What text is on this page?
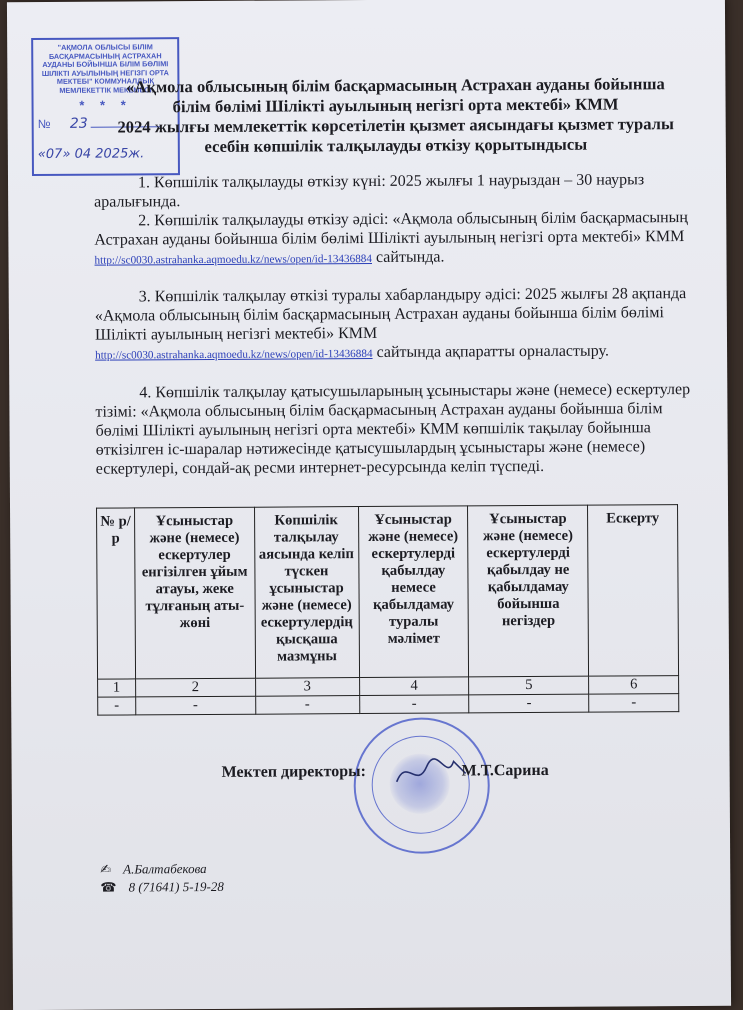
"АҚМОЛА ОБЛЫСЫ БІЛІМ БАСҚАРМАСЫНЫҢ АСТРАХАН АУДАНЫ БОЙЫНША БІЛІМ БӨЛІМІ ШІЛІКТІ АУЫЛЫНЫҢ НЕГІЗГІ ОРТА МЕКТЕБІ" КОММУНАЛДЫҚ МЕМЛЕКЕТТІК МЕКЕМЕСІ
* * *
№ 23
«07» 04 2025ж.
«Ақмола облысының білім басқармасының Астрахан ауданы бойынша
білім бөлімі Шілікті ауылының негізгі орта мектебі» КММ
2024 жылғы мемлекеттік көрсетілетін қызмет аясындағы қызмет туралы
есебін көпшілік талқылауды өткізу қорытындысы

1. Көпшілік талқылауды өткізу күні: 2025 жылғы 1 наурыздан – 30 наурыз аралығында.

2. Көпшілік талқылауды өткізу әдісі: «Ақмола облысының білім басқармасының Астрахан ауданы бойынша білім бөлімі Шілікті ауылының негізгі орта мектебі» КММ
http://sc0030.astrahanka.aqmoedu.kz/news/open/id-13436884 сайтында.

3. Көпшілік талқылау өткізі туралы хабарландыру әдісі: 2025 жылғы 28 ақпанда «Ақмола облысының білім басқармасының Астрахан ауданы бойынша білім бөлімі Шілікті ауылының негізгі мектебі» КММ
http://sc0030.astrahanka.aqmoedu.kz/news/open/id-13436884 сайтында ақпаратты орналастыру.

4. Көпшілік талқылау қатысушыларының ұсыныстары және (немесе) ескертулер тізімі: «Ақмола облысының білім басқармасының Астрахан ауданы бойынша білім бөлімі Шілікті ауылының негізгі орта мектебі» КММ көпшілік тақылау бойынша өткізілген іс-шаралар нәтижесінде қатысушылардың ұсыныстары және (немесе) ескертулері, сондай-ақ ресми интернет-ресурсында келіп түспеді.

№ р/р	Ұсыныстар және (немесе) ескертулер енгізілген ұйым атауы, жеке тұлғаның аты-жөні	Көпшілік талқылау аясында келіп түскен ұсыныстар және (немесе) ескертулердің қысқаша мазмұны	Ұсыныстар және (немесе) ескертулерді қабылдау немесе қабылдамау туралы мәлімет	Ұсыныстар және (немесе) ескертулерді қабылдау не қабылдамау бойынша негіздер	Ескерту
1	2	3	4	5	6
-	-	-	-	-	-
Мектеп директоры:	М.Т.Сарина
✍ А.Балтабекова
☎ 8 (71641) 5-19-28
